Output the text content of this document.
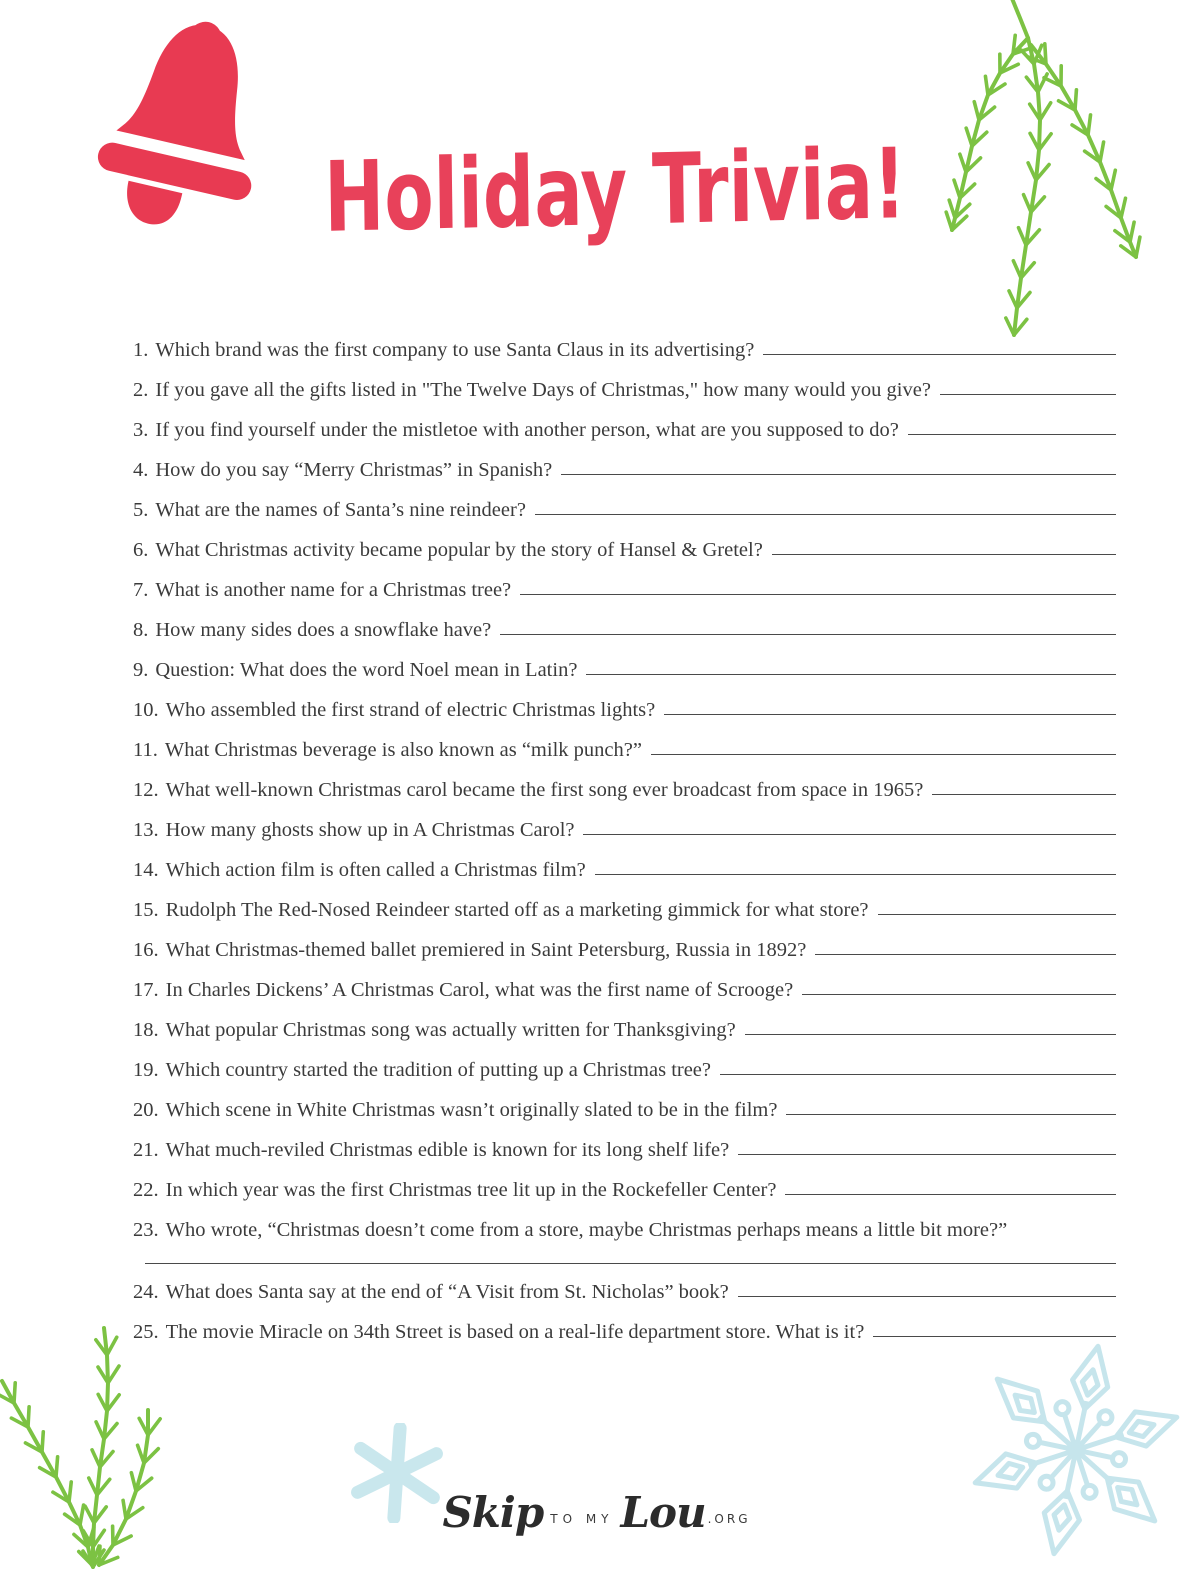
Holiday Trivia!
1. Which brand was the first company to use Santa Claus in its advertising?
2. If you gave all the gifts listed in "The Twelve Days of Christmas," how many would you give?
3. If you find yourself under the mistletoe with another person, what are you supposed to do?
4. How do you say “Merry Christmas” in Spanish?
5. What are the names of Santa’s nine reindeer?
6. What Christmas activity became popular by the story of Hansel & Gretel?
7. What is another name for a Christmas tree?
8. How many sides does a snowflake have?
9. Question: What does the word Noel mean in Latin?
10. Who assembled the first strand of electric Christmas lights?
11. What Christmas beverage is also known as “milk punch?”
12. What well-known Christmas carol became the first song ever broadcast from space in 1965?
13. How many ghosts show up in A Christmas Carol?
14. Which action film is often called a Christmas film?
15. Rudolph The Red-Nosed Reindeer started off as a marketing gimmick for what store?
16. What Christmas-themed ballet premiered in Saint Petersburg, Russia in 1892?
17. In Charles Dickens’ A Christmas Carol, what was the first name of Scrooge?
18. What popular Christmas song was actually written for Thanksgiving?
19. Which country started the tradition of putting up a Christmas tree?
20. Which scene in White Christmas wasn’t originally slated to be in the film?
21. What much-reviled Christmas edible is known for its long shelf life?
22. In which year was the first Christmas tree lit up in the Rockefeller Center?
23. Who wrote, “Christmas doesn’t come from a store, maybe Christmas perhaps means a little bit more?”
24. What does Santa say at the end of “A Visit from St. Nicholas” book?
25. The movie Miracle on 34th Street is based on a real-life department store. What is it?
Skip TO MY Lou .ORG
